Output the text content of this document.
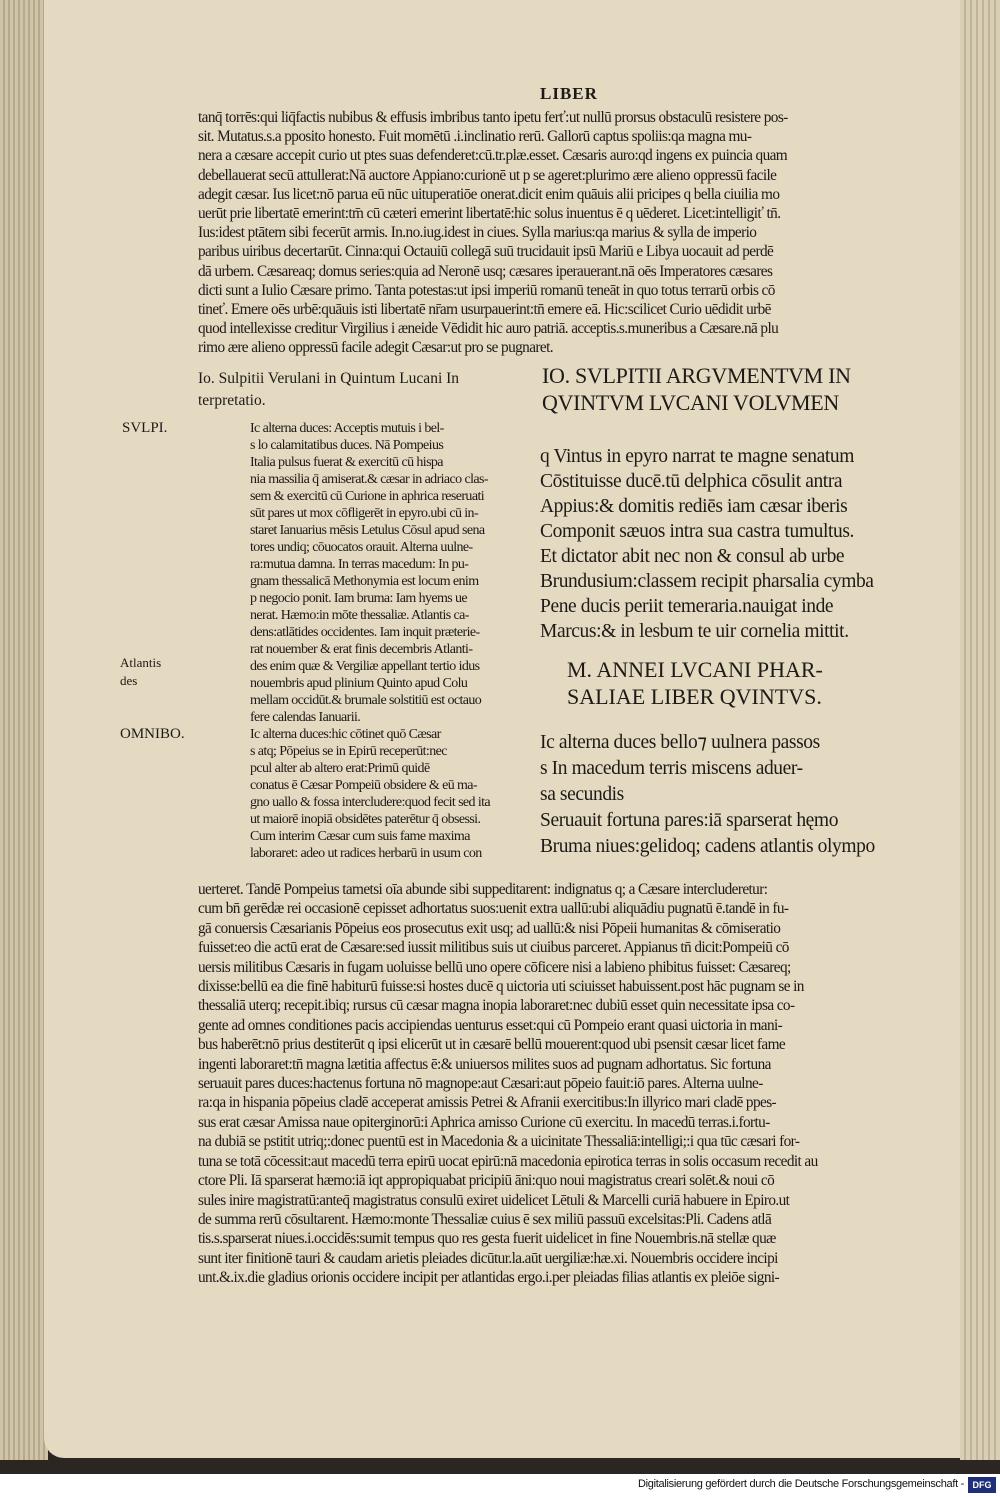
LIBER
tanq̄ torrēs:qui liq̄factis nubibus & effusis imbribus tanto ipetu ferť:ut nullū prorsus obstaculū resistere pos-
sit. Mutatus.s.a pposito honesto. Fuit momētū .i.inclinatio rerū. Gallorū captus spoliis:qa magna mu-
nera a cæsare accepit curio ut ptes suas defenderet:cū.tr.plæ.esset. Cæsaris auro:qd ingens ex puincia quam
debellauerat secū attullerat:Nā auctore Appiano:curionē ut p se ageret:plurimo ære alieno oppressū facile
adegit cæsar. Ius licet:nō parua eū nūc uituperatiōe onerat.dicit enim quāuis alii pricipes q bella ciuilia mo
uerūt prie libertatē emerint:tm̄ cū cæteri emerint libertatē:hic solus inuentus ē q uēderet. Licet:intelligiť tn̄.
Ius:idest ptātem sibi fecerūt armis. In.no.iug.idest in ciues. Sylla marius:qa marius & sylla de imperio
paribus uiribus decertarūt. Cinna:qui Octauiū collegā suū trucidauit ipsū Mariū e Libya uocauit ad perdē
dā urbem. Cæsareaq; domus series:quia ad Neronē usq; cæsares iperauerant.nā oēs Imperatores cæsares
dicti sunt a Iulio Cæsare primo. Tanta potestas:ut ipsi imperiū romanū teneāt in quo totus terrarū orbis cō
tineť. Emere oēs urbē:quāuis isti libertatē nr̄am usurpauerint:tn̄ emere eā. Hic:scilicet Curio uēdidit urbē
quod intellexisse creditur Virgilius i æneide Vēdidit hic auro patriā. acceptis.s.muneribus a Cæsare.nā plu
rimo ære alieno oppressū facile adegit Cæsar:ut pro se pugnaret.
Io. Sulpitii Verulani in Quintum Lucani In
terpretatio.
SVLPI.
Atlantis des
OMNIBO.
Ic alterna duces: Acceptis mutuis i bel-
s lo calamitatibus duces. Nā Pompeius
Italia pulsus fuerat & exercitū cū hispa
nia massilia q̄ amiserat.& cæsar in adriaco clas-
sem & exercitū cū Curione in aphrica reseruati
sūt pares ut mox cōfligerēt in epyro.ubi cū in-
staret Ianuarius mēsis Letulus Cōsul apud sena
tores undiq; cōuocatos orauit. Alterna uulne-
ra:mutua damna. In terras macedum: In pu-
gnam thessalicā Methonymia est locum enim
p negocio ponit. Iam bruma: Iam hyems ue
nerat. Hæmo:in mōte thessaliæ. Atlantis ca-
dens:atlātides occidentes. Iam inquit præterie-
rat nouember & erat finis decembris Atlanti-
des enim quæ & Vergiliæ appellant tertio idus
nouembris apud plinium Quinto apud Colu
mellam occidūt.& brumale solstitiū est octauo
fere calendas Ianuarii.
Ic alterna duces:hic cōtinet quō Cæsar
s atq; Pōpeius se in Epirū receperūt:nec
pcul alter ab altero erat:Primū quidē
conatus ē Cæsar Pompeiū obsidere & eū ma-
gno uallo & fossa intercludere:quod fecit sed ita
ut maiorē inopiā obsidētes paterētur q̄ obsessi.
Cum interim Cæsar cum suis fame maxima
laboraret: adeo ut radices herbarū in usum con
IO. SVLPITII ARGVMENTVM IN
QVINTVM LVCANI VOLVMEN
q Vintus in epyro narrat te magne senatum
Cōstituisse ducē.tū delphica cōsulit antra
Appius:& domitis rediēs iam cæsar iberis
Componit sæuos intra sua castra tumultus.
Et dictator abit nec non & consul ab urbe
Brundusium:classem recipit pharsalia cymba
Pene ducis periit temeraria.nauigat inde
Marcus:& in lesbum te uir cornelia mittit.
M. ANNEI LVCANI PHAR-
SALIAE LIBER QVINTVS.
Ic alterna duces bello⁊ uulnera passos
s In macedum terris miscens aduer-
sa secundis
Seruauit fortuna pares:iā sparserat hęmo
Bruma niues:gelidoq; cadens atlantis olympo
uerteret. Tandē Pompeius tametsi oīa abunde sibi suppeditarent: indignatus q; a Cæsare intercluderetur:
cum bn̄ gerēdæ rei occasionē cepisset adhortatus suos:uenit extra uallū:ubi aliquādiu pugnatū ē.tandē in fu-
gā conuersis Cæsarianis Pōpeius eos prosecutus exit usq; ad uallū:& nisi Pōpeii humanitas & cōmiseratio
fuisset:eo die actū erat de Cæsare:sed iussit militibus suis ut ciuibus parceret. Appianus tn̄ dicit:Pompeiū cō
uersis militibus Cæsaris in fugam uoluisse bellū uno opere cōficere nisi a labieno phibitus fuisset: Cæsareq;
dixisse:bellū ea die finē habiturū fuisse:si hostes ducē q uictoria uti sciuisset habuissent.post hāc pugnam se in
thessaliā uterq; recepit.ibiq; rursus cū cæsar magna inopia laboraret:nec dubiū esset quin necessitate ipsa co-
gente ad omnes conditiones pacis accipiendas uenturus esset:qui cū Pompeio erant quasi uictoria in mani-
bus haberēt:nō prius destiterūt q ipsi elicerūt ut in cæsarē bellū mouerent:quod ubi psensit cæsar licet fame
ingenti laboraret:tn̄ magna lætitia affectus ē:& uniuersos milites suos ad pugnam adhortatus. Sic fortuna
seruauit pares duces:hactenus fortuna nō magnope:aut Cæsari:aut pōpeio fauit:iō pares. Alterna uulne-
ra:qa in hispania pōpeius cladē acceperat amissis Petrei & Afranii exercitibus:In illyrico mari cladē ppes-
sus erat cæsar Amissa naue opiterginorū:i Aphrica amisso Curione cū exercitu. In macedū terras.i.fortu-
na dubiā se pstitit utriq;:donec puentū est in Macedonia & a uicinitate Thessaliā:intelligi;:i qua tūc cæsari for-
tuna se totā cōcessit:aut macedū terra epirū uocat epirū:nā macedonia epirotica terras in solis occasum recedit au
ctore Pli. Iā sparserat hæmo:iā iqt appropiquabat pricipiū āni:quo noui magistratus creari solēt.& noui cō
sules inire magistratū:anteq̄ magistratus consulū exiret uidelicet Lētuli & Marcelli curiā habuere in Epiro.ut
de summa rerū cōsultarent. Hæmo:monte Thessaliæ cuius ē sex miliū passuū excelsitas:Pli. Cadens atlā
tis.s.sparserat niues.i.occidēs:sumit tempus quo res gesta fuerit uidelicet in fine Nouembris.nā stellæ quæ
sunt iter finitionē tauri & caudam arietis pleiades dicūtur.la.aūt uergiliæ:hæ.xi. Nouembris occidere incipi
unt.&.ix.die gladius orionis occidere incipit per atlantidas ergo.i.per pleiadas filias atlantis ex pleiōe signi-
Digitalisierung gefördert durch die Deutsche Forschungsgemeinschaft - DFG
